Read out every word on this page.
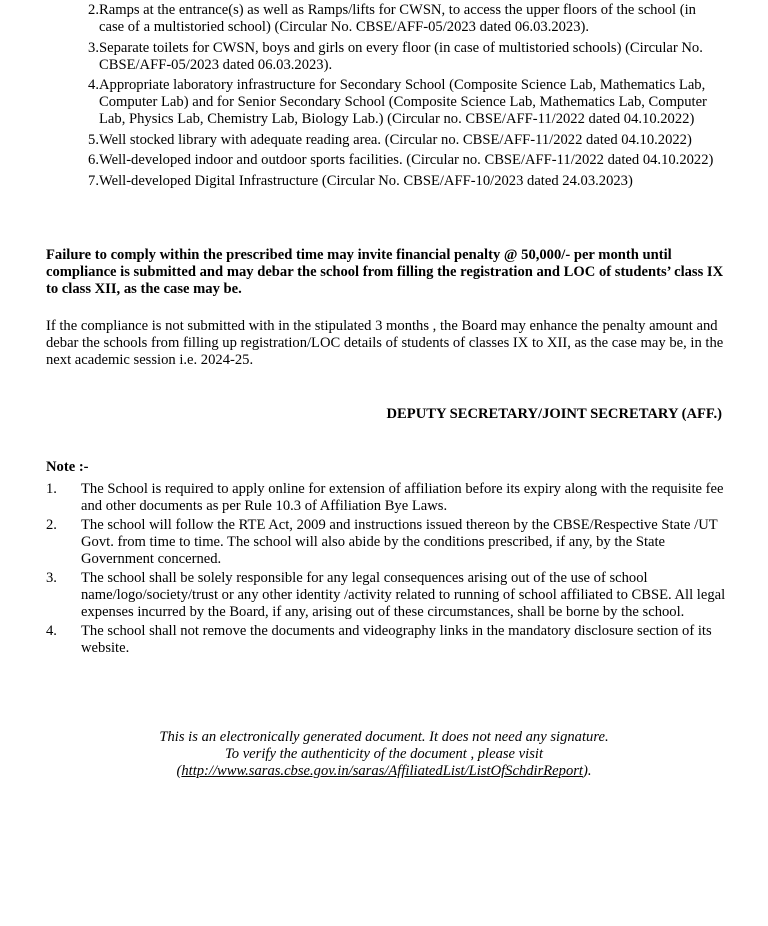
2. Ramps at the entrance(s) as well as Ramps/lifts for CWSN, to access the upper floors of the school (in case of a multistoried school) (Circular No. CBSE/AFF-05/2023 dated 06.03.2023).
3. Separate toilets for CWSN, boys and girls on every floor (in case of multistoried schools) (Circular No. CBSE/AFF-05/2023 dated 06.03.2023).
4. Appropriate laboratory infrastructure for Secondary School (Composite Science Lab, Mathematics Lab, Computer Lab) and for Senior Secondary School (Composite Science Lab, Mathematics Lab, Computer Lab, Physics Lab, Chemistry Lab, Biology Lab.) (Circular no. CBSE/AFF-11/2022 dated 04.10.2022)
5. Well stocked library with adequate reading area. (Circular no. CBSE/AFF-11/2022 dated 04.10.2022)
6. Well-developed indoor and outdoor sports facilities. (Circular no. CBSE/AFF-11/2022 dated 04.10.2022)
7. Well-developed Digital Infrastructure (Circular No. CBSE/AFF-10/2023 dated 24.03.2023)
Failure to comply within the prescribed time may invite financial penalty @ 50,000/- per month until compliance is submitted and may debar the school from filling the registration and LOC of students’ class IX to class XII, as the case may be.
If the compliance is not submitted with in the stipulated 3 months , the Board may enhance the penalty amount and debar the schools from filling up registration/LOC details of students of classes IX to XII, as the case may be, in the next academic session i.e. 2024-25.
DEPUTY SECRETARY/JOINT SECRETARY (AFF.)
Note :-
1.	The School is required to apply online for extension of affiliation before its expiry along with the requisite fee and other documents as per Rule 10.3 of Affiliation Bye Laws.
2.	The school will follow the RTE Act, 2009 and instructions issued thereon by the CBSE/Respective State /UT Govt. from time to time. The school will also abide by the conditions prescribed, if any, by the State Government concerned.
3.	The school shall be solely responsible for any legal consequences arising out of the use of school name/logo/society/trust or any other identity /activity related to running of school affiliated to CBSE. All legal expenses incurred by the Board, if any, arising out of these circumstances, shall be borne by the school.
4.	The school shall not remove the documents and videography links in the mandatory disclosure section of its website.
This is an electronically generated document. It does not need any signature.
To verify the authenticity of the document , please visit
(http://www.saras.cbse.gov.in/saras/AffiliatedList/ListOfSchdirReport).
